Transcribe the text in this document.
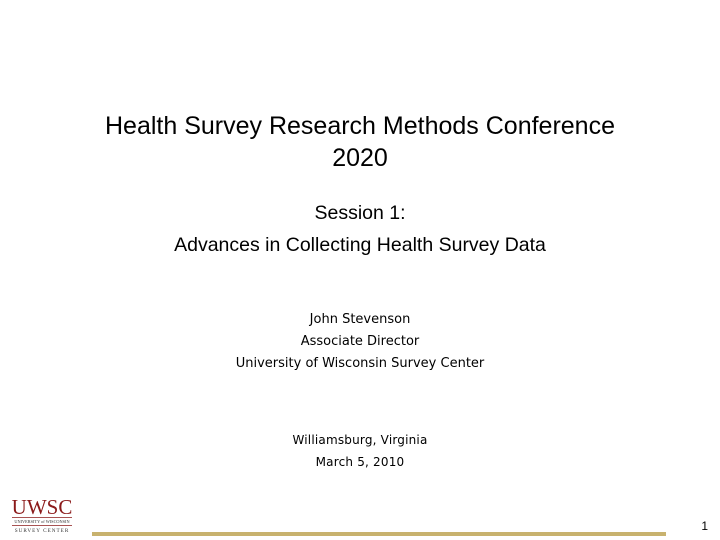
Health Survey Research Methods Conference
2020
Session 1:
Advances in Collecting Health Survey Data
John Stevenson
Associate Director
University of Wisconsin Survey Center
Williamsburg, Virginia
March 5, 2010
UWSC
UNIVERSITY of WISCONSIN
SURVEY CENTER	1
